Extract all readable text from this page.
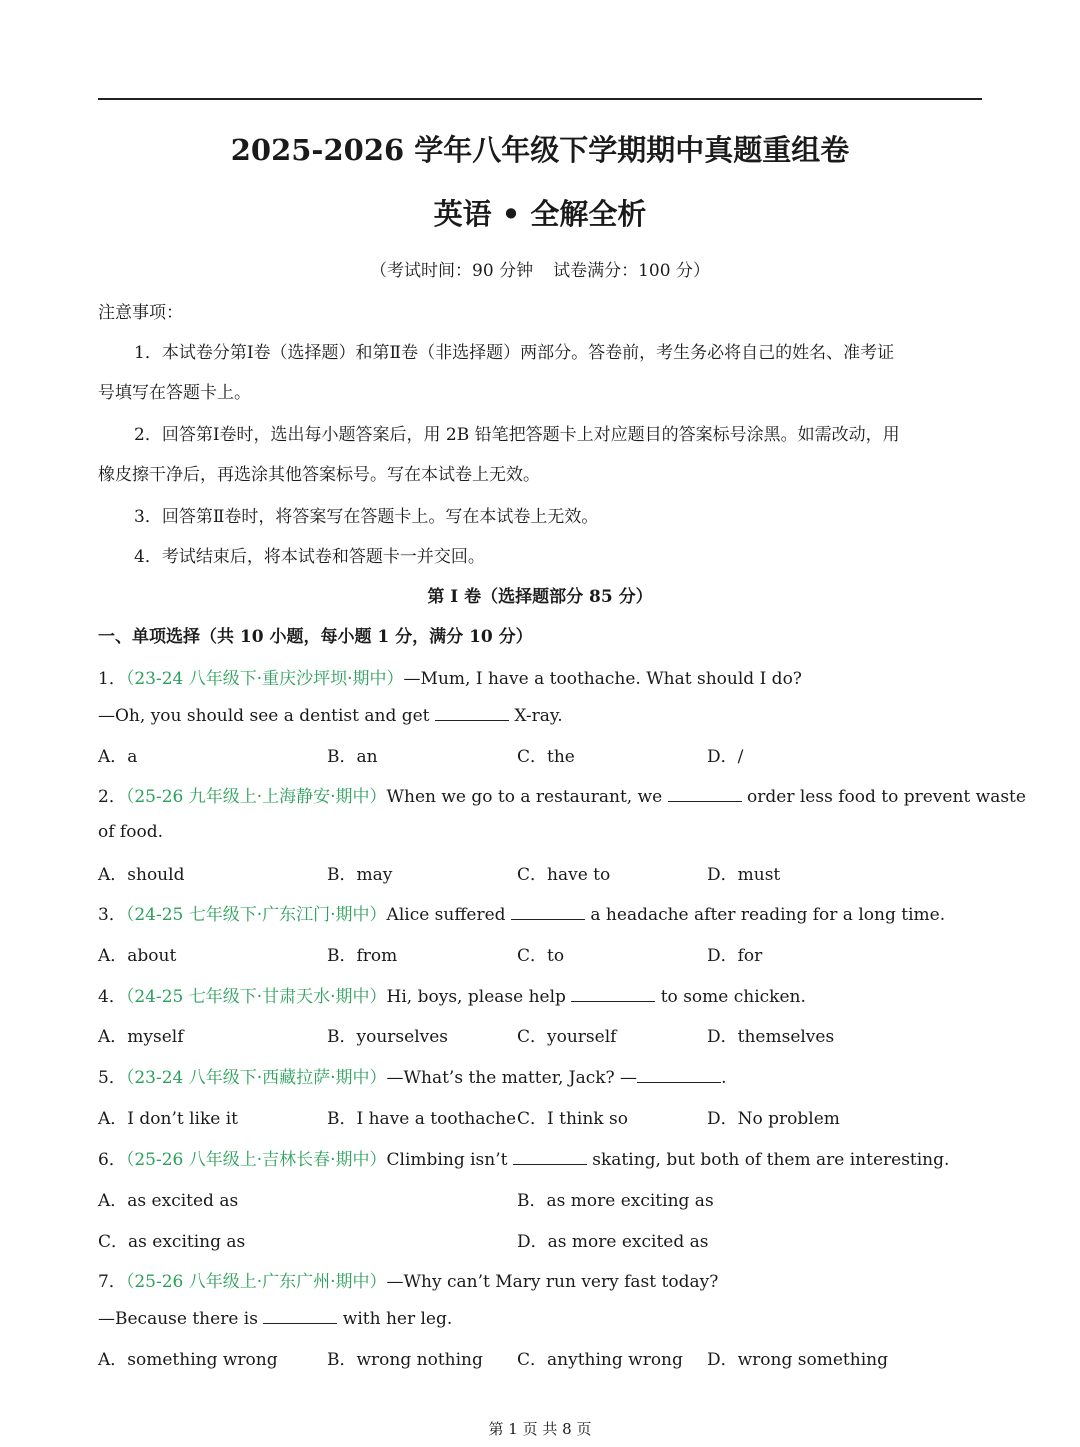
2025-2026 学年八年级下学期期中真题重组卷
英语 • 全解全析
（考试时间：90 分钟 试卷满分：100 分）
注意事项：
1．本试卷分第Ⅰ卷（选择题）和第Ⅱ卷（非选择题）两部分。答卷前，考生务必将自己的姓名、准考证
号填写在答题卡上。
2．回答第Ⅰ卷时，选出每小题答案后，用 2B 铅笔把答题卡上对应题目的答案标号涂黑。如需改动，用
橡皮擦干净后，再选涂其他答案标号。写在本试卷上无效。
3．回答第Ⅱ卷时，将答案写在答题卡上。写在本试卷上无效。
4．考试结束后，将本试卷和答题卡一并交回。
第 I 卷（选择题部分 85 分）
一、单项选择（共 10 小题，每小题 1 分，满分 10 分）
1．（23-24 八年级下·重庆沙坪坝·期中）—Mum, I have a toothache. What should I do?
—Oh, you should see a dentist and get	X-ray.
A．a	B．an	C．the	D．/
2．（25-26 九年级上·上海静安·期中）When we go to a restaurant, we	order less food to prevent waste
of food.
A．should	B．may	C．have to	D．must
3．（24-25 七年级下·广东江门·期中）Alice suffered	a headache after reading for a long time.
A．about	B．from	C．to	D．for
4．（24-25 七年级下·甘肃天水·期中）Hi, boys, please help	to some chicken.
A．myself	B．yourselves	C．yourself	D．themselves
5．（23-24 八年级下·西藏拉萨·期中）—What’s the matter, Jack? —	.
A．I don’t like it	B．I have a toothache C．I think so	D．No problem
6．（25-26 八年级上·吉林长春·期中）Climbing isn’t	skating, but both of them are interesting.
A．as excited as	B．as more exciting as
C．as exciting as	D．as more excited as
7．（25-26 八年级上·广东广州·期中）—Why can’t Mary run very fast today?
—Because there is	with her leg.
A．something wrong	B．wrong nothing C．anything wrong D．wrong something
第 1 页 共 8 页
